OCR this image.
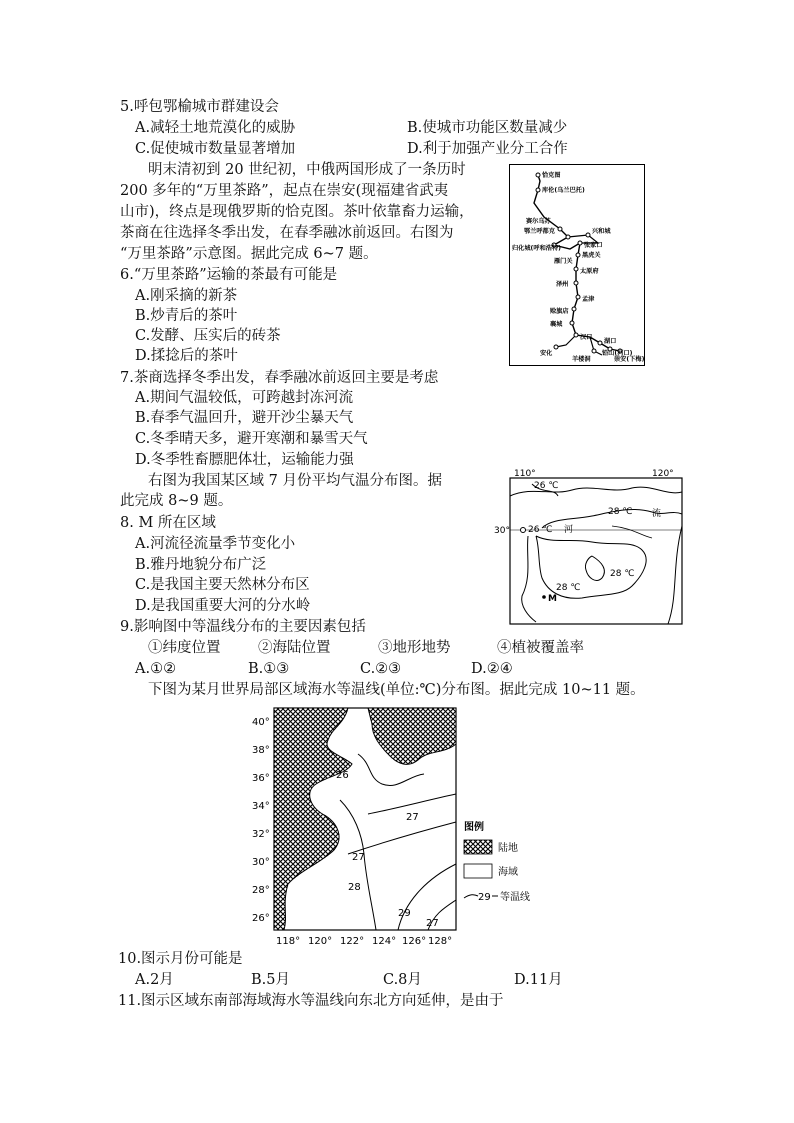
5.呼包鄂榆城市群建设会
A.减轻土地荒漠化的威胁	B.使城市功能区数量减少
C.促使城市数量显著增加	D.利于加强产业分工合作
明末清初到 20 世纪初，中俄两国形成了一条历时
200 多年的“万里茶路”，起点在崇安(现福建省武夷
山市)，终点是现俄罗斯的恰克图。茶叶依靠畜力运输，
茶商在往选择冬季出发，在春季融冰前返回。右图为
“万里茶路”示意图。据此完成 6~7 题。
6.“万里茶路”运输的茶最有可能是
A.刚采摘的新茶
B.炒青后的茶叶
C.发酵、压实后的砖茶
D.揉捻后的茶叶
7.茶商选择冬季出发，春季融冰前返回主要是考虑
A.期间气温较低，可跨越封冻河流
B.春季气温回升，避开沙尘暴天气
C.冬季晴天多，避开寒潮和暴雪天气
D.冬季牲畜膘肥体壮，运输能力强
右图为我国某区域 7 月份平均气温分布图。据
此完成 8~9 题。
8. M 所在区域
A.河流径流量季节变化小
B.雅丹地貌分布广泛
C.是我国主要天然林分布区
D.是我国重要大河的分水岭
9.影响图中等温线分布的主要因素包括
①纬度位置	②海陆位置	③地形地势	④植被覆盖率
A.①②	B.①③	C.②③	D.②④
下图为某月世界局部区域海水等温线(单位:℃)分布图。据此完成 10~11 题。
10.图示月份可能是
A.2月	B.5月	C.8月	D.11月
11.图示区域东南部海域海水等温线向东北方向延伸，是由于
恰克图
库伦(乌兰巴托)
赛尔乌苏
鄂兰呼都克
归化城(呼和浩特)
兴和城
张家口
黑虎关
雁门关
太原府
泽州
孟津
赊旗店
襄城
汉口
湖口
铅山(河口)
安化
羊楼洞	崇安(下梅)
110°	120°
30°
26 ℃
28 ℃
26 ℃ 河
流
28 ℃
28 ℃
M
40°
38°
36°
34°
32°
30°
28°
26°
118° 120° 122° 124° 126° 128°
26
27
27
28
29
27
图例
陆地
海域
29 等温线
